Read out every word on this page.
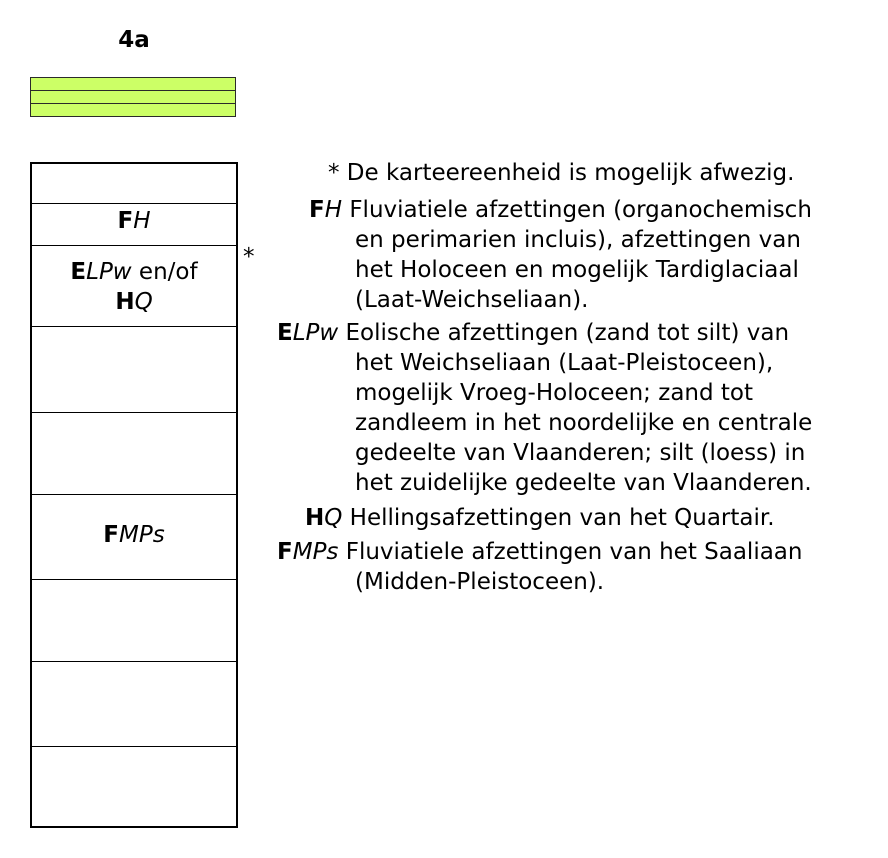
4a
FH
ELPw en/of
HQ
FMPs
*
* De karteereenheid is mogelijk afwezig.
FH Fluviatiele afzettingen (organochemisch
en perimarien incluis), afzettingen van
het Holoceen en mogelijk Tardiglaciaal
(Laat-Weichseliaan).
ELPw Eolische afzettingen (zand tot silt) van
het Weichseliaan (Laat-Pleistoceen),
mogelijk Vroeg-Holoceen; zand tot
zandleem in het noordelijke en centrale
gedeelte van Vlaanderen; silt (loess) in
het zuidelijke gedeelte van Vlaanderen.
HQ Hellingsafzettingen van het Quartair.
FMPs Fluviatiele afzettingen van het Saaliaan
(Midden-Pleistoceen).
